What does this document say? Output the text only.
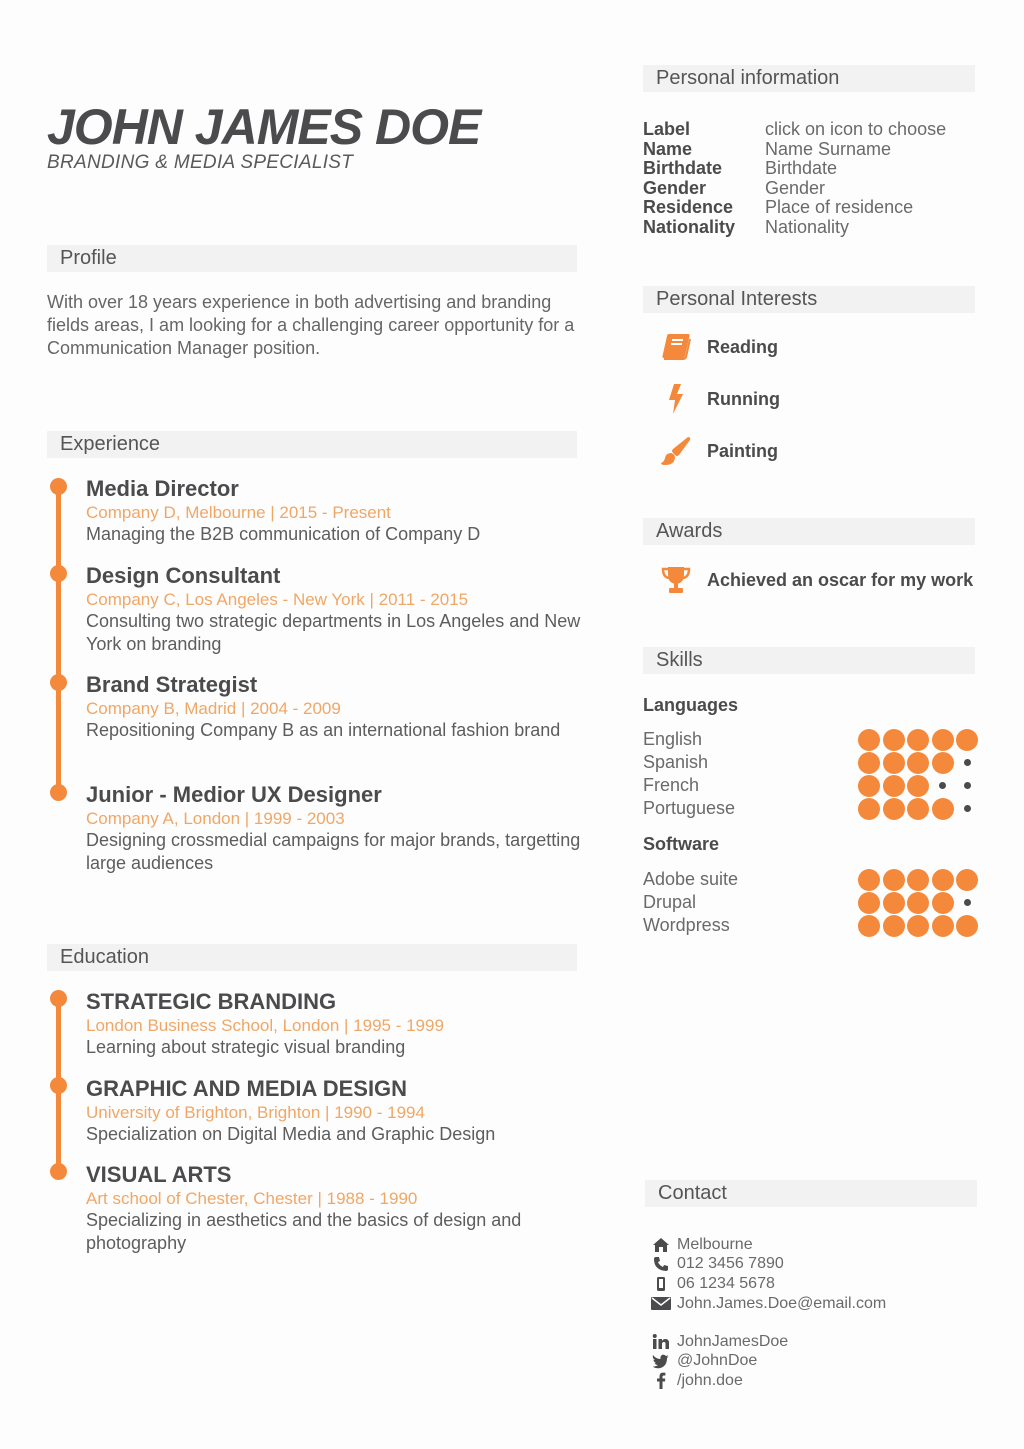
JOHN JAMES DOE
BRANDING & MEDIA SPECIALIST
Profile
With over 18 years experience in both advertising and branding fields areas, I am looking for a challenging career opportunity for a Communication Manager position.
Experience
Media Director
Company D, Melbourne | 2015 - Present
Managing the B2B communication of Company D
Design Consultant
Company C, Los Angeles - New York | 2011 - 2015
Consulting two strategic departments in Los Angeles and New York on branding
Brand Strategist
Company B, Madrid | 2004 - 2009
Repositioning Company B as an international fashion brand
Junior - Medior UX Designer
Company A, London | 1999 - 2003
Designing crossmedial campaigns for major brands, targetting large audiences
Education
STRATEGIC BRANDING
London Business School, London | 1995 - 1999
Learning about strategic visual branding
GRAPHIC AND MEDIA DESIGN
University of Brighton, Brighton | 1990 - 1994
Specialization on Digital Media and Graphic Design
VISUAL ARTS
Art school of Chester, Chester | 1988 - 1990
Specializing in aesthetics and the basics of design and photography
Personal information
Label	click on icon to choose
Name	Name Surname
Birthdate	Birthdate
Gender	Gender
Residence	Place of residence
Nationality	Nationality
Personal Interests
Reading
Running
Painting
Awards
Achieved an oscar for my work
Skills
Languages
English
Spanish
French
Portuguese
Software
Adobe suite
Drupal
Wordpress
Contact
Melbourne
012 3456 7890
06 1234 5678
John.James.Doe@email.com
JohnJamesDoe
@JohnDoe
/john.doe
